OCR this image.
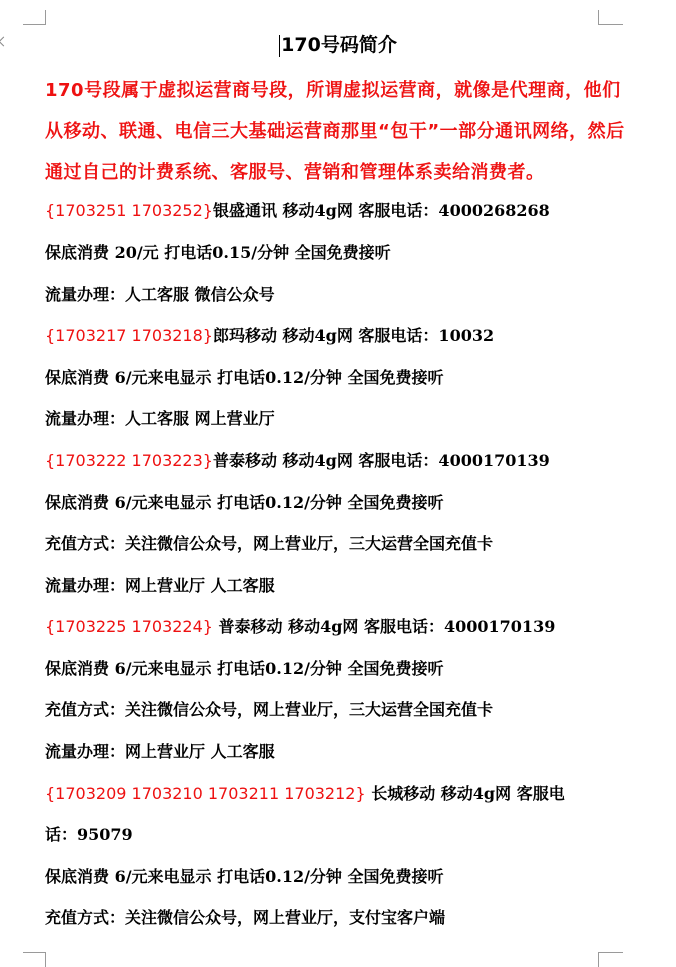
170号码简介
170号段属于虚拟运营商号段，所谓虚拟运营商，就像是代理商，他们从移动、联通、电信三大基础运营商那里“包干”一部分通讯网络，然后通过自己的计费系统、客服号、营销和管理体系卖给消费者。
{1703251 1703252}银盛通讯 移动4g网 客服电话：4000268268
保底消费 20/元 打电话0.15/分钟 全国免费接听
流量办理：人工客服 微信公众号
{1703217 1703218}郎玛移动 移动4g网 客服电话：10032
保底消费 6/元来电显示 打电话0.12/分钟 全国免费接听
流量办理：人工客服 网上营业厅
{1703222 1703223}普泰移动 移动4g网 客服电话：4000170139
保底消费 6/元来电显示 打电话0.12/分钟 全国免费接听
充值方式：关注微信公众号，网上营业厅，三大运营全国充值卡
流量办理：网上营业厅 人工客服
{1703225 1703224} 普泰移动 移动4g网 客服电话：4000170139
保底消费 6/元来电显示 打电话0.12/分钟 全国免费接听
充值方式：关注微信公众号，网上营业厅，三大运营全国充值卡
流量办理：网上营业厅 人工客服
{1703209 1703210 1703211 1703212} 长城移动 移动4g网 客服电
话：95079
保底消费 6/元来电显示 打电话0.12/分钟 全国免费接听
充值方式：关注微信公众号，网上营业厅，支付宝客户端
